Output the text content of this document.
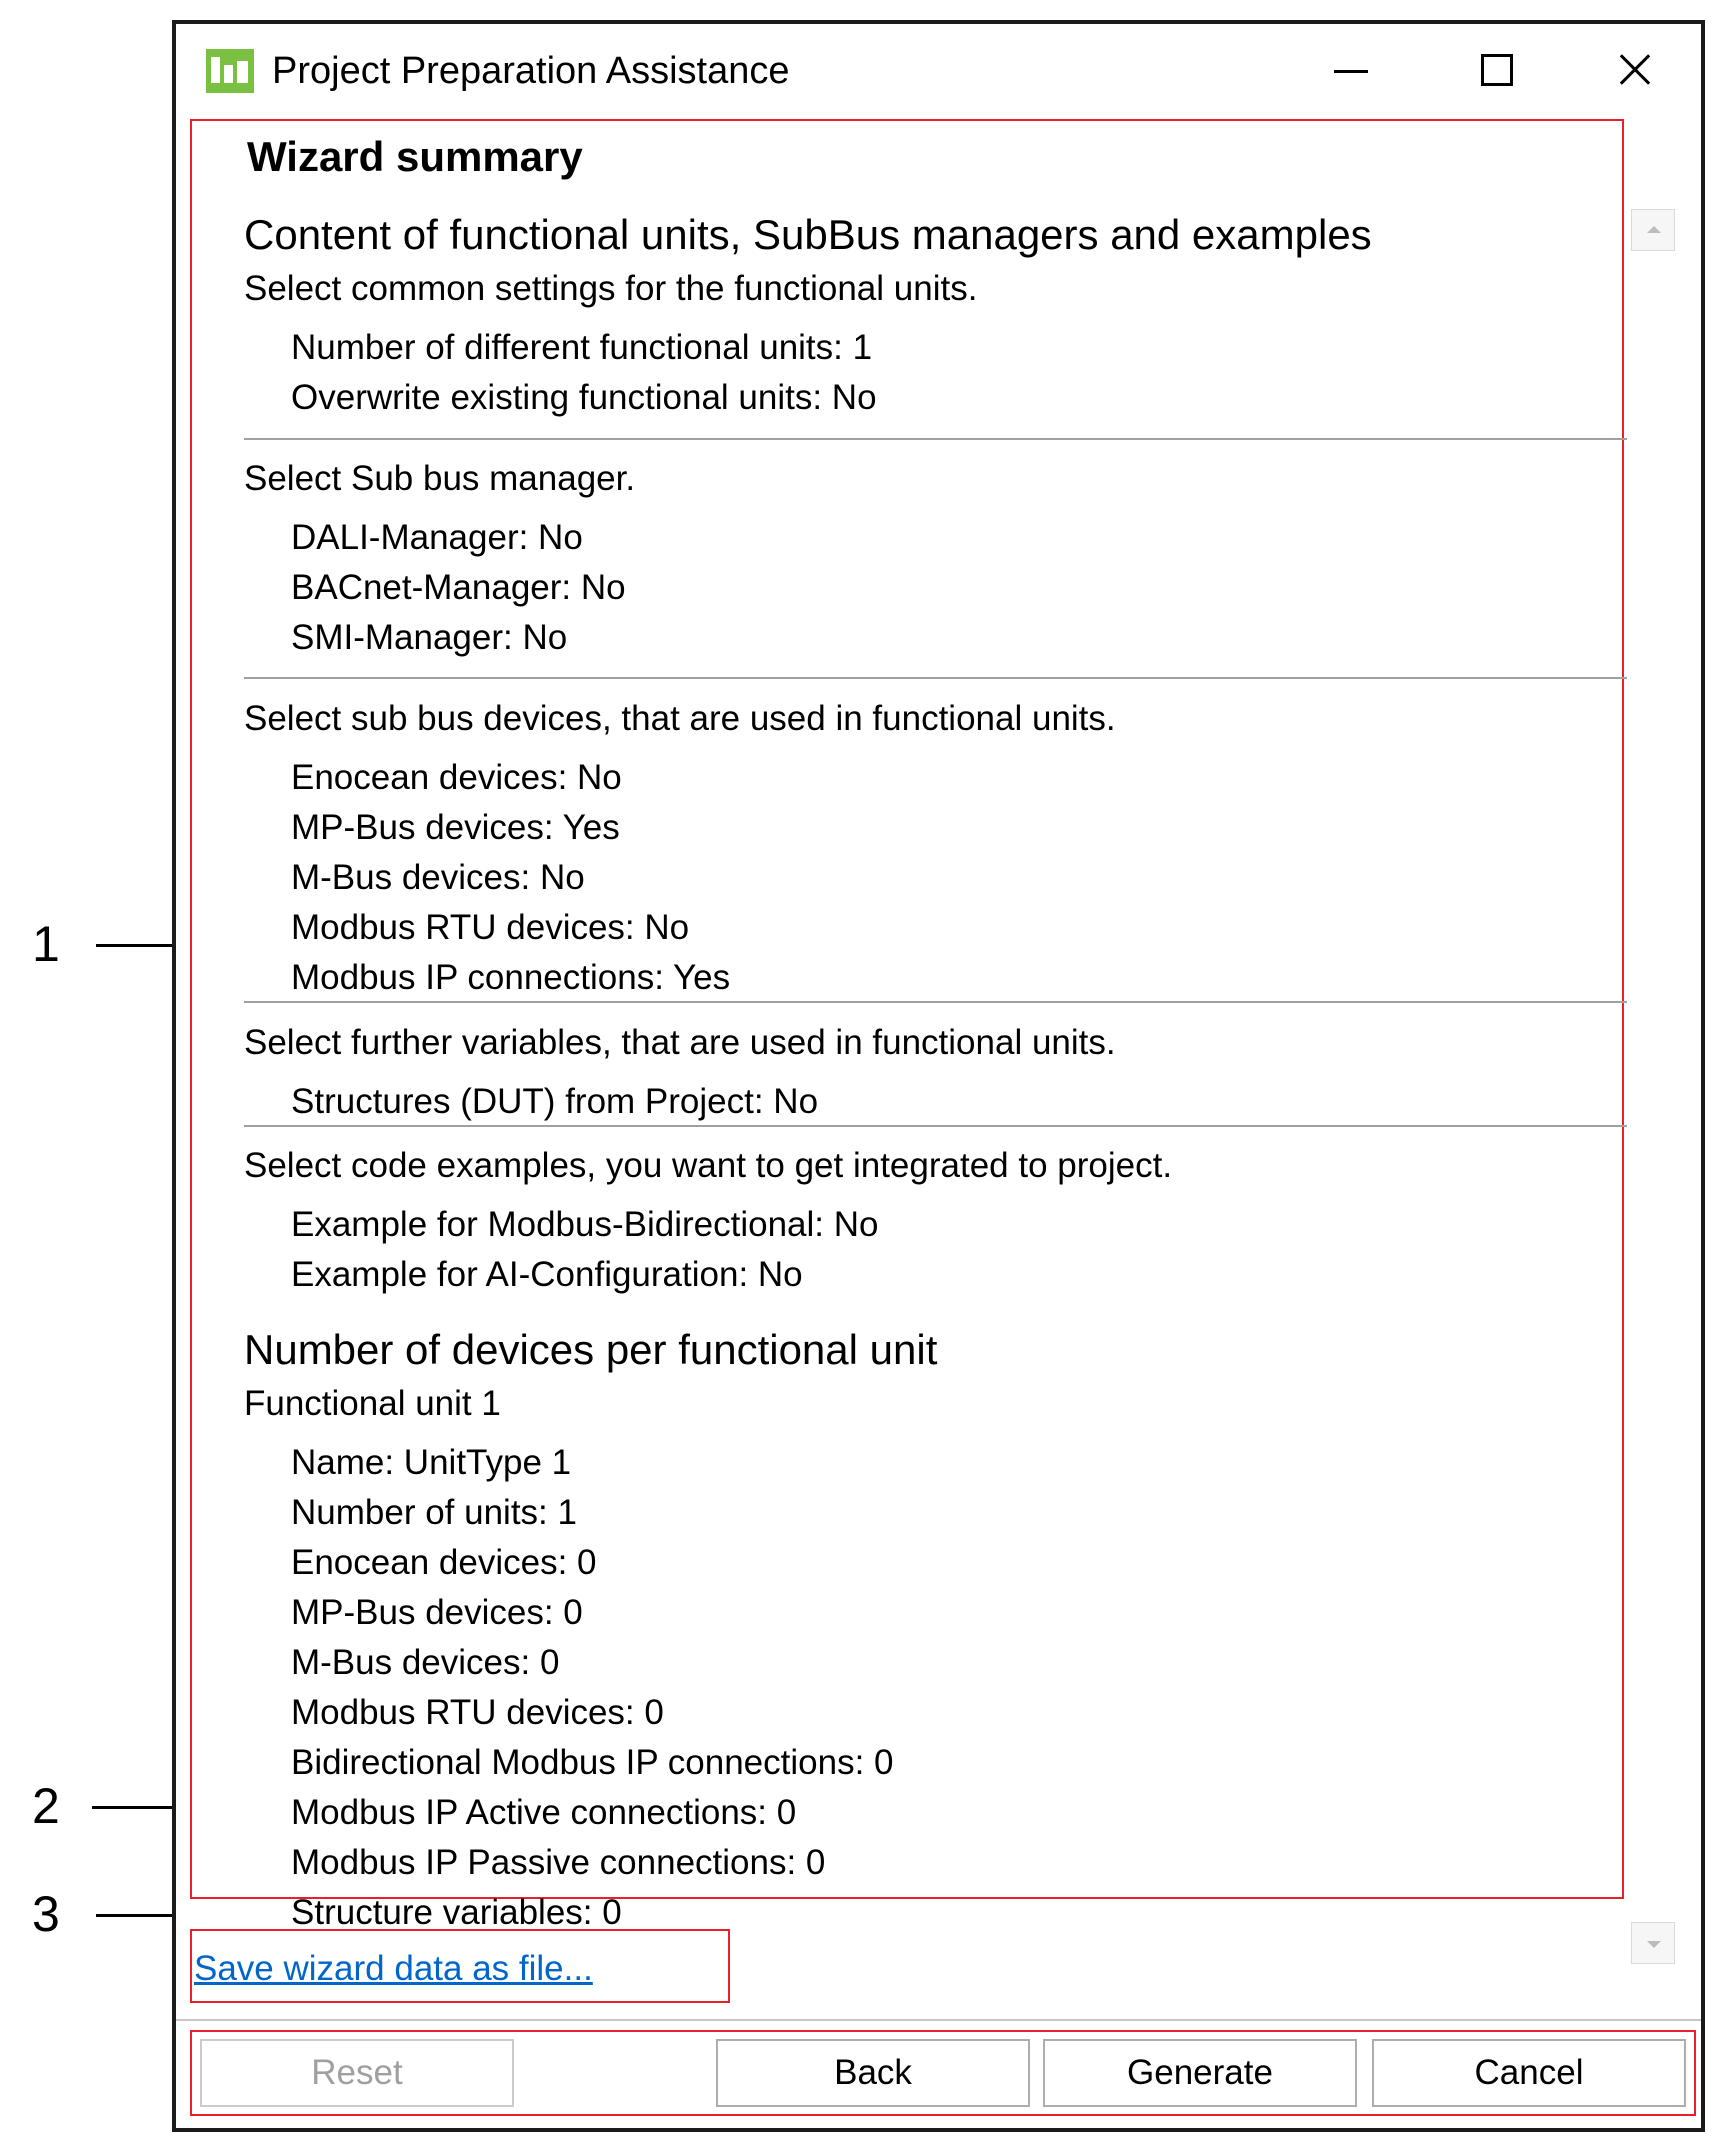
1
2
3
Project Preparation Assistance
Wizard summary
Content of functional units, SubBus managers and examples
Select common settings for the functional units.
Number of different functional units: 1
Overwrite existing functional units: No
Select Sub bus manager.
DALI-Manager: No
BACnet-Manager: No
SMI-Manager: No
Select sub bus devices, that are used in functional units.
Enocean devices: No
MP-Bus devices: Yes
M-Bus devices: No
Modbus RTU devices: No
Modbus IP connections: Yes
Select further variables, that are used in functional units.
Structures (DUT) from Project: No
Select code examples, you want to get integrated to project.
Example for Modbus-Bidirectional: No
Example for AI-Configuration: No
Number of devices per functional unit
Functional unit 1
Name: UnitType 1
Number of units: 1
Enocean devices: 0
MP-Bus devices: 0
M-Bus devices: 0
Modbus RTU devices: 0
Bidirectional Modbus IP connections: 0
Modbus IP Active connections: 0
Modbus IP Passive connections: 0
Structure variables: 0
Save wizard data as file...
Reset	Back	Generate	Cancel
